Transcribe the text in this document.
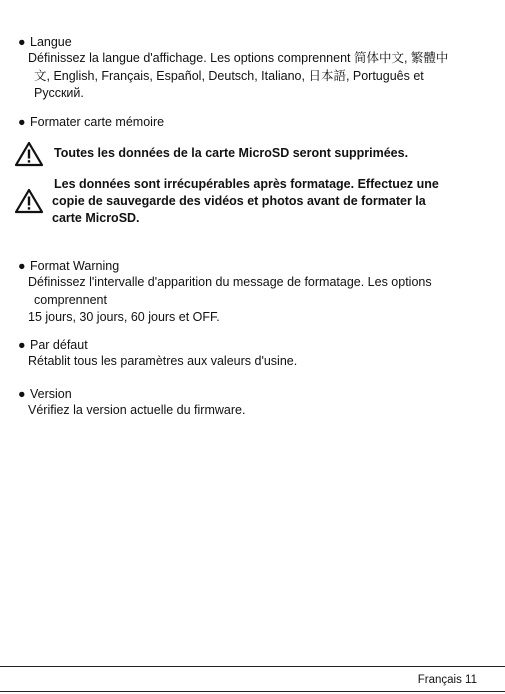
● Langue
Définissez la langue d'affichage. Les options comprennent 简体中文, 繁體中
文, English, Français, Español, Deutsch, Italiano, 日本語, Português et
Русский.
● Formater carte mémoire
Toutes les données de la carte MicroSD seront supprimées.
Les données sont irrécupérables après formatage. Effectuez une
copie de sauvegarde des vidéos et photos avant de formater la
carte MicroSD.
● Format Warning
Définissez l'intervalle d'apparition du message de formatage. Les options
comprennent
15 jours, 30 jours, 60 jours et OFF.
● Par défaut
Rétablit tous les paramètres aux valeurs d'usine.
● Version
Vérifiez la version actuelle du firmware.
Français 11
